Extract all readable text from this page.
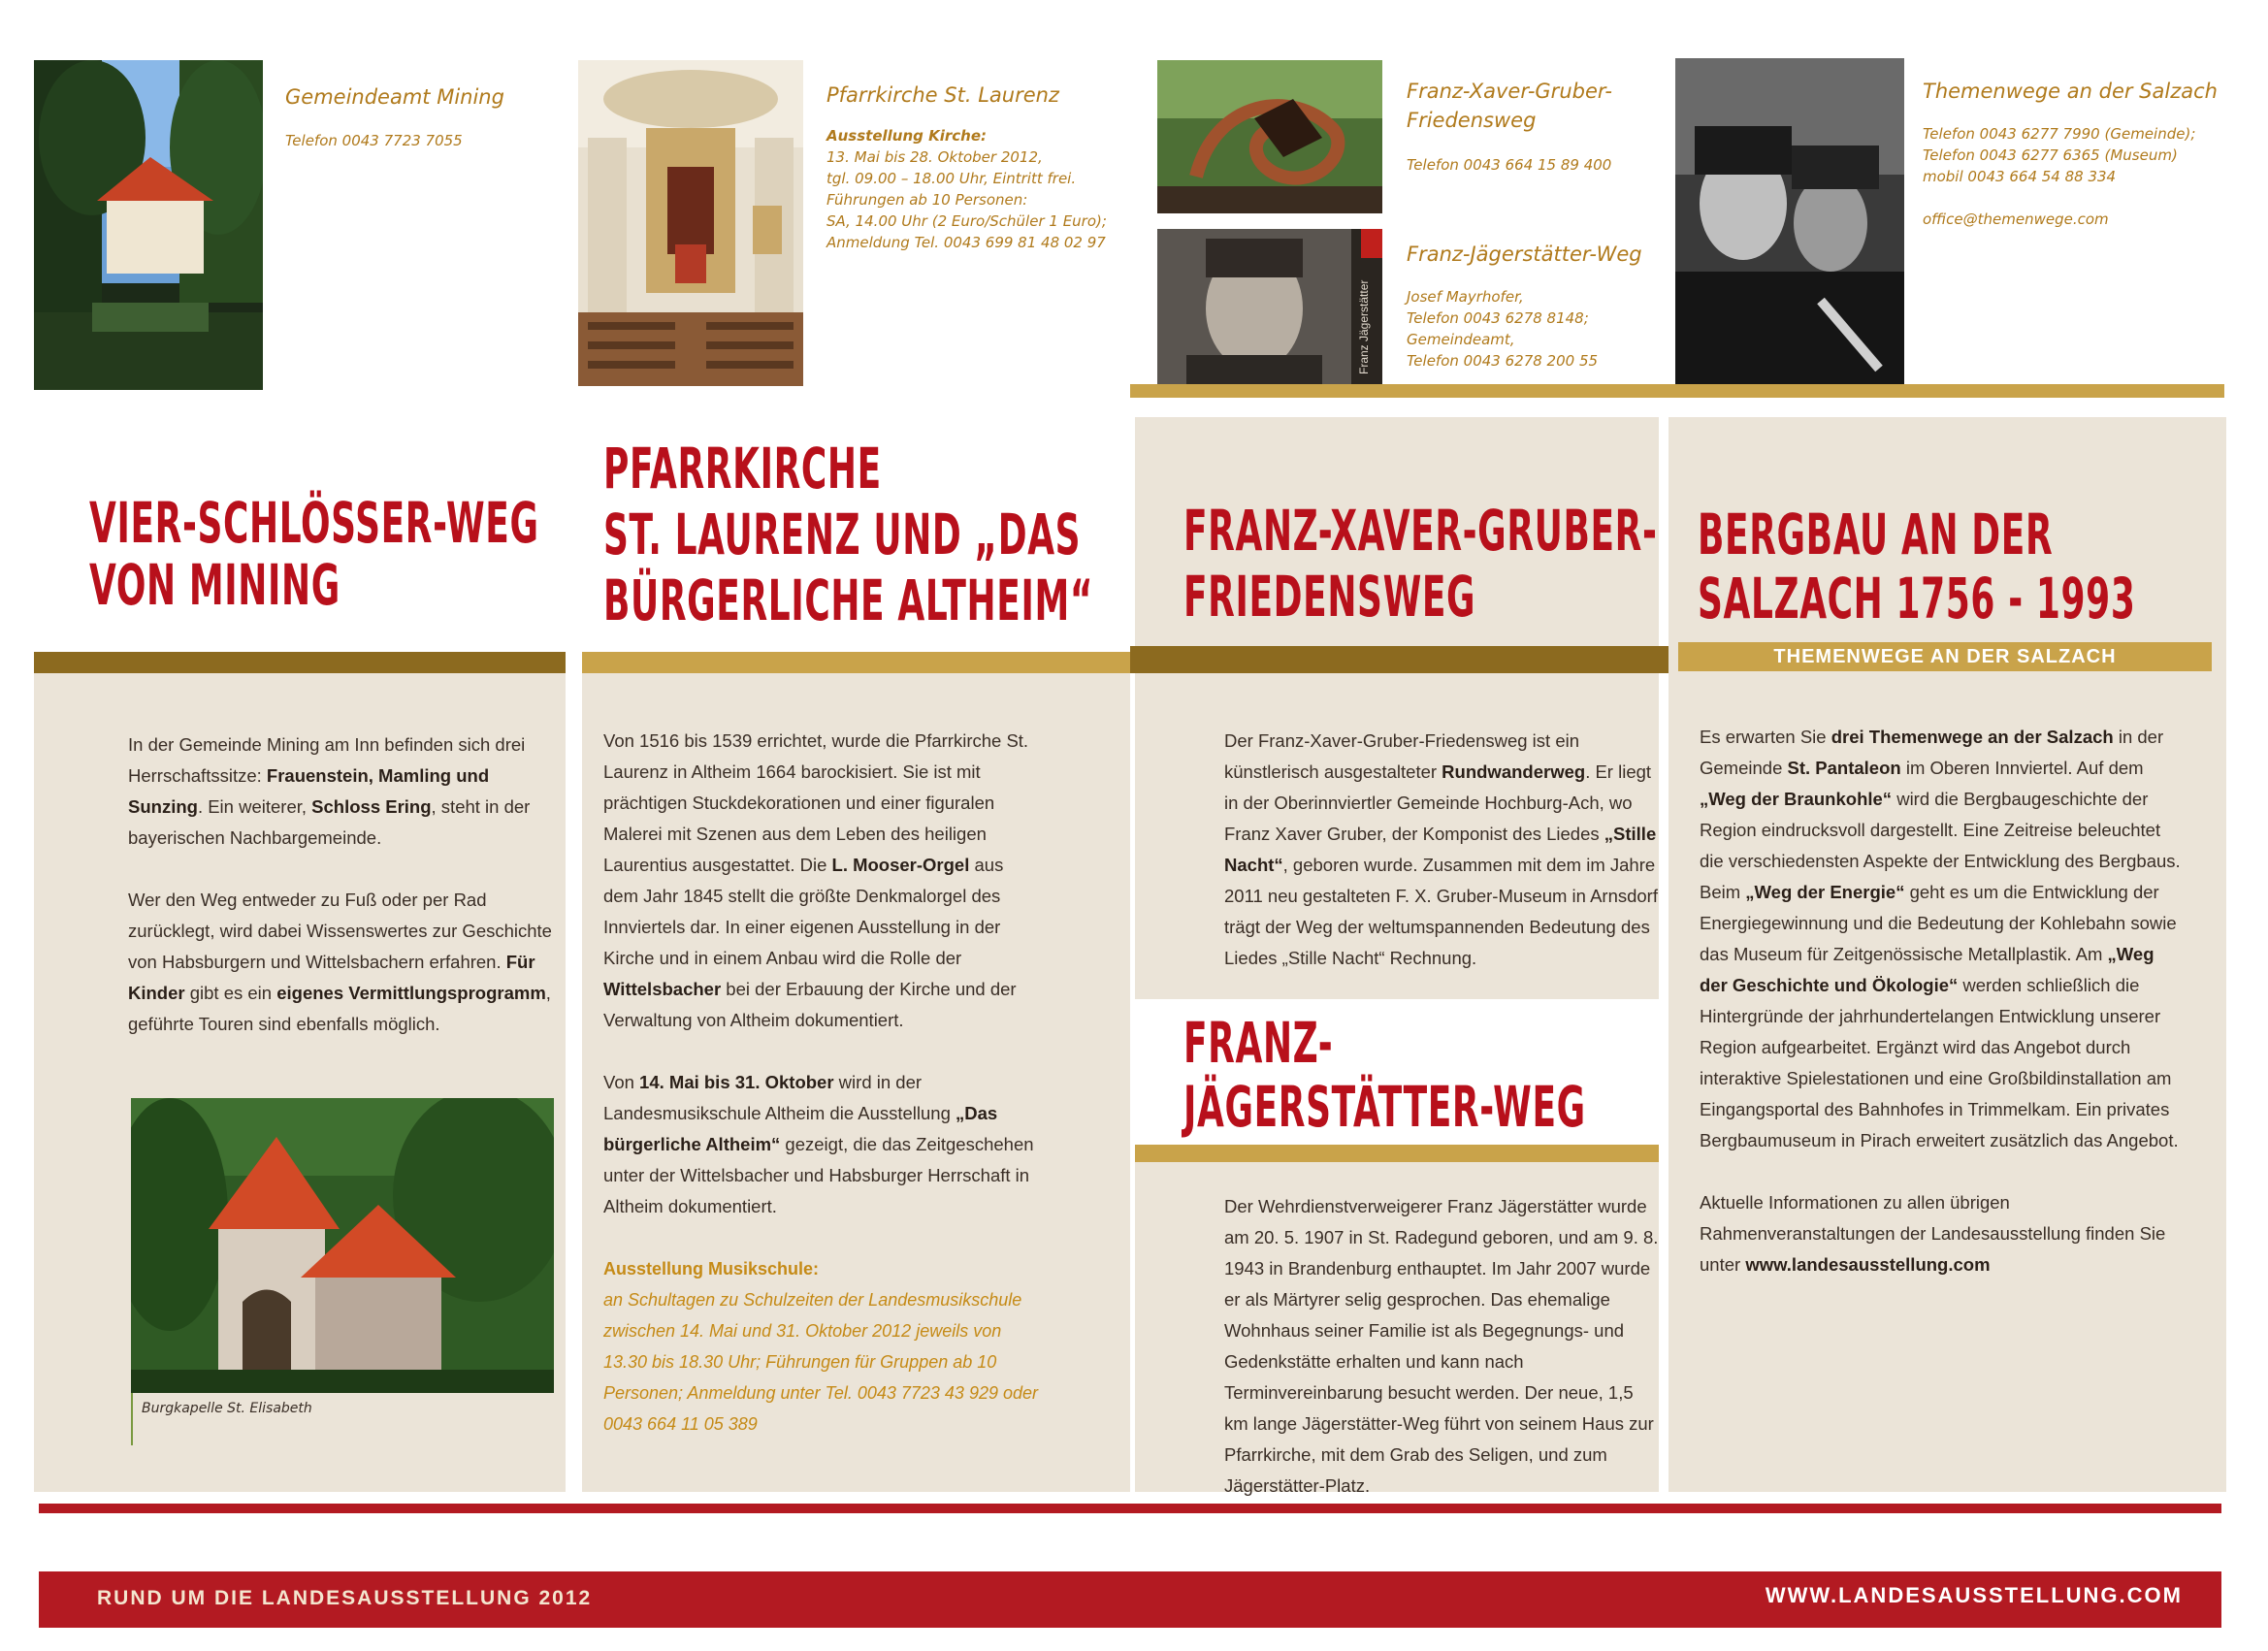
Gemeindeamt Mining
Telefon 0043 7723 7055
Pfarrkirche St. Laurenz
Ausstellung Kirche:
13. Mai bis 28. Oktober 2012,
tgl. 09.00 – 18.00 Uhr, Eintritt frei.
Führungen ab 10 Personen:
SA, 14.00 Uhr (2 Euro/Schüler 1 Euro);
Anmeldung Tel. 0043 699 81 48 02 97
Franz-Xaver-Gruber-
Friedensweg
Telefon 0043 664 15 89 400
Franz Jägerstätter
Franz-Jägerstätter-Weg
Josef Mayrhofer,
Telefon 0043 6278 8148;
Gemeindeamt,
Telefon 0043 6278 200 55
Themenwege an der Salzach
Telefon 0043 6277 7990 (Gemeinde);
Telefon 0043 6277 6365 (Museum)
mobil 0043 664 54 88 334
office@themenwege.com
VIER-SCHLÖSSER-WEG
VON MINING
PFARRKIRCHE
ST. LAURENZ UND „DAS
BÜRGERLICHE ALTHEIM“
FRANZ-XAVER-GRUBER-
FRIEDENSWEG
BERGBAU AN DER
SALZACH 1756 - 1993
THEMENWEGE AN DER SALZACH

In der Gemeinde Mining am Inn befinden sich drei Herrschaftssitze: Frauenstein, Mamling und Sunzing. Ein weiterer, Schloss Ering, steht in der bayerischen Nachbargemeinde.

Wer den Weg entweder zu Fuß oder per Rad zurücklegt, wird dabei Wissenswertes zur Geschichte von Habsburgern und Wittelsbachern erfahren. Für Kinder gibt es ein eigenes Vermittlungsprogramm, geführte Touren sind ebenfalls möglich.

Burgkapelle St. Elisabeth

Von 1516 bis 1539 errichtet, wurde die Pfarrkirche St. Laurenz in Altheim 1664 barockisiert. Sie ist mit prächtigen Stuckdekorationen und einer figuralen Malerei mit Szenen aus dem Leben des heiligen Laurentius ausgestattet. Die L. Mooser-Orgel aus dem Jahr 1845 stellt die größte Denkmalorgel des Innviertels dar. In einer eigenen Ausstellung in der Kirche und in einem Anbau wird die Rolle der Wittelsbacher bei der Erbauung der Kirche und der Verwaltung von Altheim dokumentiert.

Von 14. Mai bis 31. Oktober wird in der Landesmusikschule Altheim die Ausstellung „Das bürgerliche Altheim“ gezeigt, die das Zeitgeschehen unter der Wittelsbacher und Habsburger Herrschaft in Altheim dokumentiert.

Ausstellung Musikschule:
an Schultagen zu Schulzeiten der Landesmusikschule zwischen 14. Mai und 31. Oktober 2012 jeweils von 13.30 bis 18.30 Uhr; Führungen für Gruppen ab 10 Personen; Anmeldung unter Tel. 0043 7723 43 929 oder 0043 664 11 05 389

Der Franz-Xaver-Gruber-Friedensweg ist ein künstlerisch ausgestalteter Rundwanderweg. Er liegt in der Oberinnviertler Gemeinde Hochburg-Ach, wo Franz Xaver Gruber, der Komponist des Liedes „Stille Nacht“, geboren wurde. Zusammen mit dem im Jahre 2011 neu gestalteten F. X. Gruber-Museum in Arnsdorf trägt der Weg der weltumspannenden Bedeutung des Liedes „Stille Nacht“ Rechnung.

FRANZ-
JÄGERSTÄTTER-WEG

Der Wehrdienstverweigerer Franz Jägerstätter wurde am 20. 5. 1907 in St. Radegund geboren, und am 9. 8. 1943 in Brandenburg enthauptet. Im Jahr 2007 wurde er als Märtyrer selig gesprochen. Das ehemalige Wohnhaus seiner Familie ist als Begegnungs- und Gedenkstätte erhalten und kann nach Terminvereinbarung besucht werden. Der neue, 1,5 km lange Jägerstätter-Weg führt von seinem Haus zur Pfarrkirche, mit dem Grab des Seligen, und zum Jägerstätter-Platz.

Es erwarten Sie drei Themenwege an der Salzach in der Gemeinde St. Pantaleon im Oberen Innviertel. Auf dem „Weg der Braunkohle“ wird die Bergbaugeschichte der Region eindrucksvoll dargestellt. Eine Zeitreise beleuchtet die verschiedensten Aspekte der Entwicklung des Bergbaus. Beim „Weg der Energie“ geht es um die Entwicklung der Energiegewinnung und die Bedeutung der Kohlebahn sowie das Museum für Zeitgenössische Metallplastik. Am „Weg der Geschichte und Ökologie“ werden schließlich die Hintergründe der jahrhundertelangen Entwicklung unserer Region aufgearbeitet. Ergänzt wird das Angebot durch interaktive Spielestationen und eine Großbildinstallation am Eingangsportal des Bahnhofes in Trimmelkam. Ein privates Bergbaumuseum in Pirach erweitert zusätzlich das Angebot.

Aktuelle Informationen zu allen übrigen Rahmenveranstaltungen der Landesausstellung finden Sie unter www.landesausstellung.com

RUND UM DIE LANDESAUSSTELLUNG 2012	WWW.LANDESAUSSTELLUNG.COM
